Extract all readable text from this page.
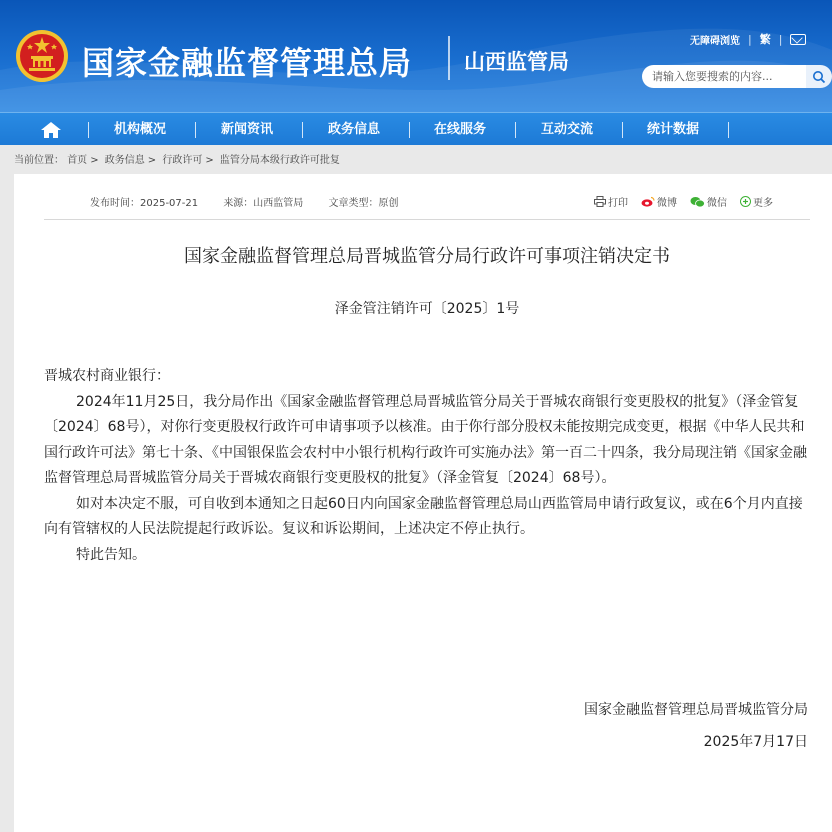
国家金融监督管理总局 山西监管局
无障碍浏览 | 繁 |
请输入您要搜索的内容...
机构概况	新闻资讯	政务信息	在线服务	互动交流	统计数据
当前位置： 首页 > 政务信息 > 行政许可 > 监管分局本级行政许可批复
发布时间：2025-07-21	来源：山西监管局	文章类型：原创	打印	微博	微信	更多
国家金融监督管理总局晋城监管分局行政许可事项注销决定书
泽金管注销许可〔2025〕1号

晋城农村商业银行：

2024年11月25日，我分局作出《国家金融监督管理总局晋城监管分局关于晋城农商银行变更股权的批复》（泽金管复〔2024〕68号），对你行变更股权行政许可申请事项予以核准。由于你行部分股权未能按期完成变更，根据《中华人民共和国行政许可法》第七十条、《中国银保监会农村中小银行机构行政许可实施办法》第一百二十四条，我分局现注销《国家金融监督管理总局晋城监管分局关于晋城农商银行变更股权的批复》（泽金管复〔2024〕68号）。

如对本决定不服，可自收到本通知之日起60日内向国家金融监督管理总局山西监管局申请行政复议，或在6个月内直接向有管辖权的人民法院提起行政诉讼。复议和诉讼期间，上述决定不停止执行。

特此告知。

国家金融监督管理总局晋城监管分局
2025年7月17日
